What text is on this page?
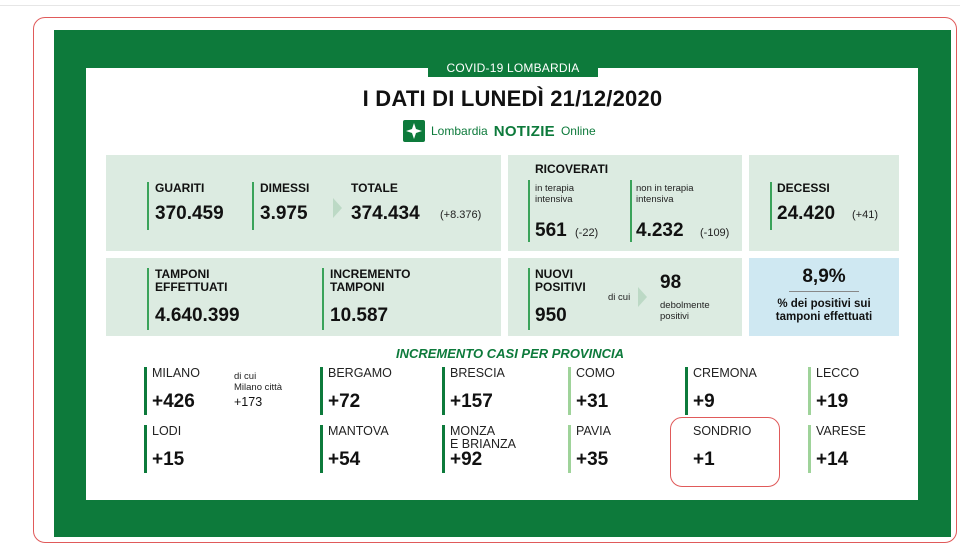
COVID-19 LOMBARDIA
I DATI DI LUNEDÌ 21/12/2020
Lombardia NOTIZIE Online
GUARITI
370.459
DIMESSI
3.975
TOTALE
374.434 (+8.376)
RICOVERATI
in terapia
intensiva
561 (-22)
non in terapia
intensiva
4.232 (-109)
DECESSI
24.420 (+41)
TAMPONI
EFFETTUATI
4.640.399
INCREMENTO
TAMPONI
10.587
NUOVI
POSITIVI
950
di cui
98
debolmente
positivi
8,9%
% dei positivi sui
tamponi effettuati
INCREMENTO CASI PER PROVINCIA
MILANO
+426
BERGAMO
+72
BRESCIA
+157
COMO
+31
CREMONA
+9
LECCO
+19
LODI
+15
MANTOVA
+54
MONZA
E BRIANZA
+92
PAVIA
+35
SONDRIO
+1
VARESE
+14
di cui
Milano città
+173
